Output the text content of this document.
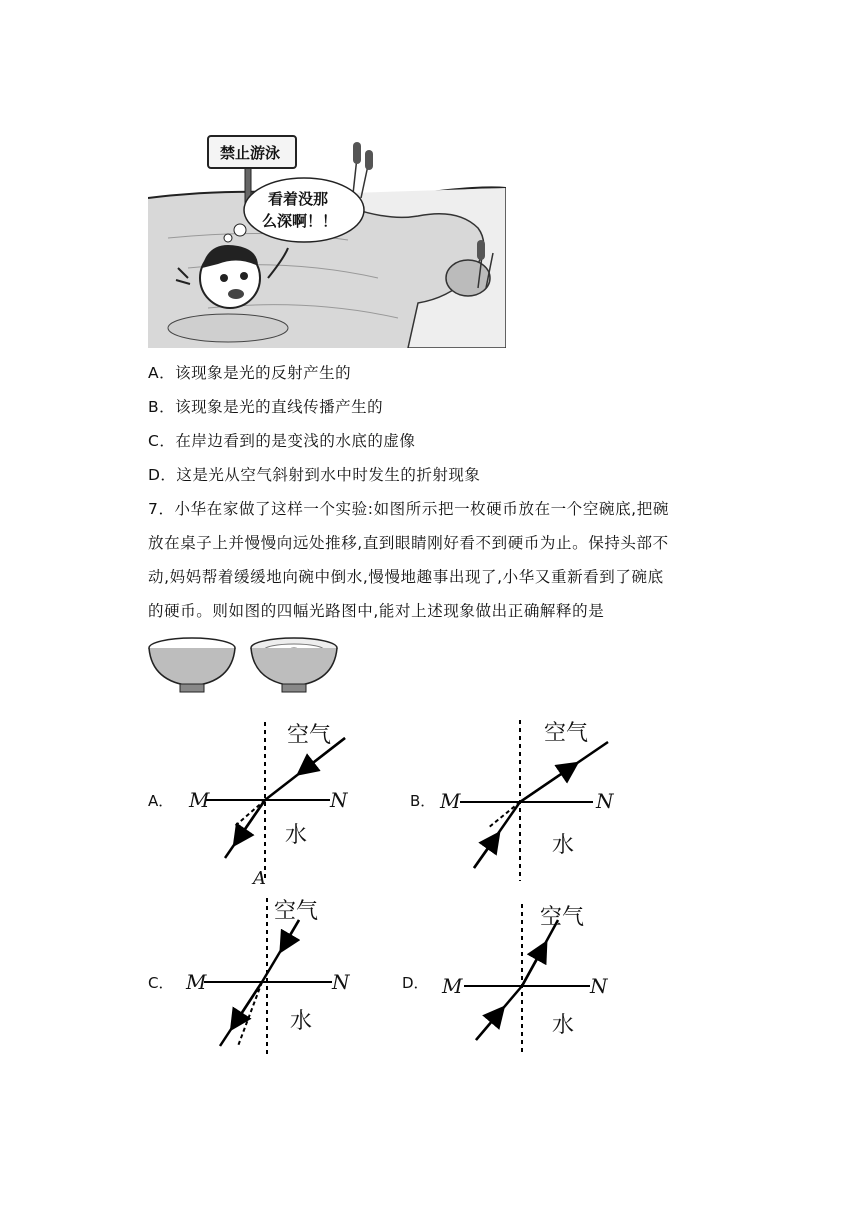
禁止游泳
看着没那
么深啊！！
A．该现象是光的反射产生的
B．该现象是光的直线传播产生的
C．在岸边看到的是变浅的水底的虚像
D．这是光从空气斜射到水中时发生的折射现象
7．小华在家做了这样一个实验:如图所示把一枚硬币放在一个空碗底,把碗
放在桌子上并慢慢向远处推移,直到眼睛刚好看不到硬币为止。保持头部不
动,妈妈帮着缓缓地向碗中倒水,慢慢地趣事出现了,小华又重新看到了碗底
的硬币。则如图的四幅光路图中,能对上述现象做出正确解释的是
A．
空气
水
M	N
A
B．
空气
水
M	N
C．
空气
水
M	N	D．
空气
水
M	N
